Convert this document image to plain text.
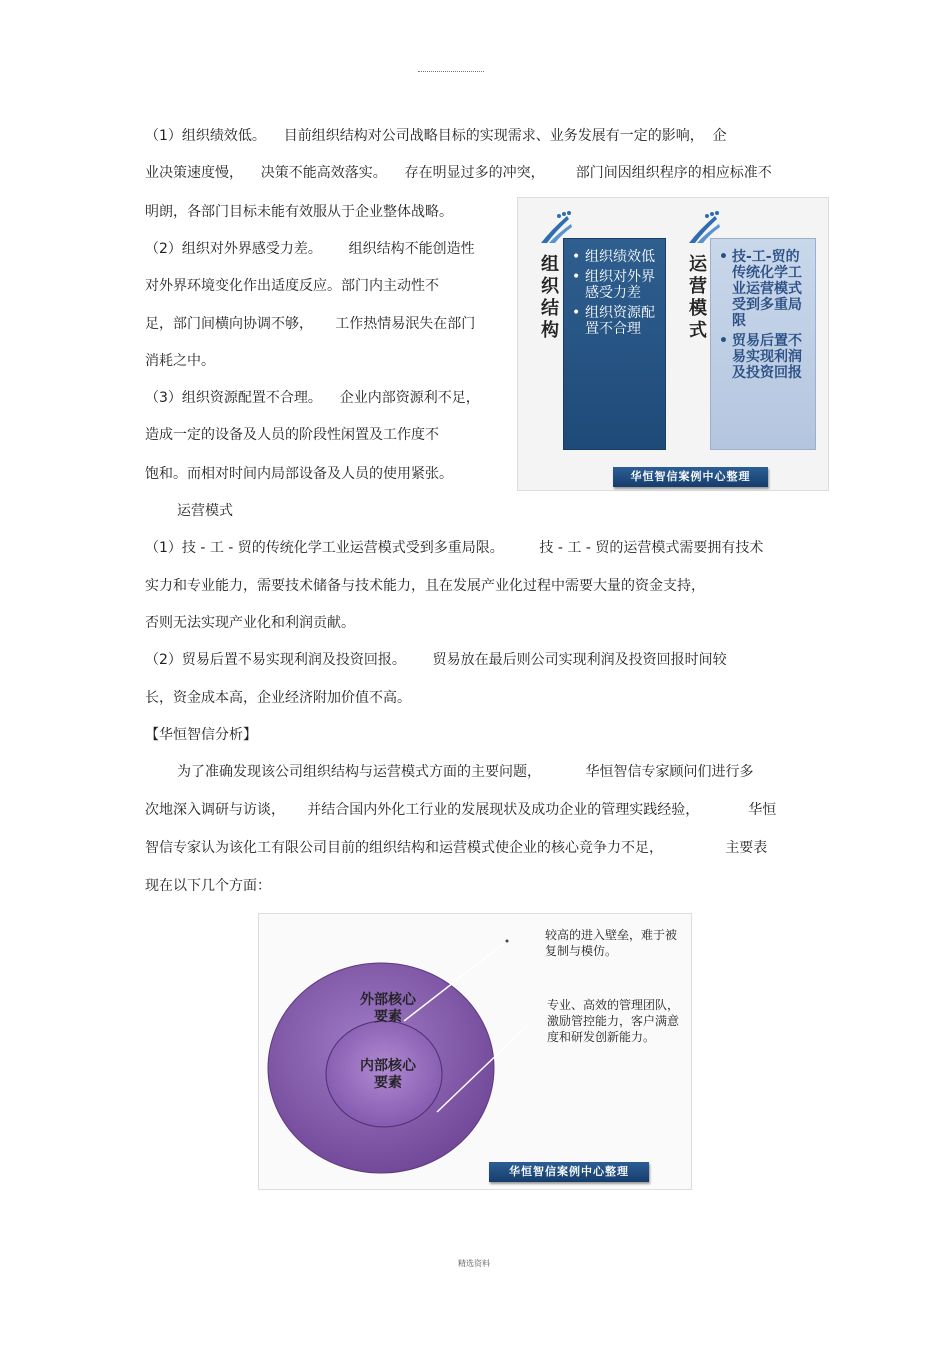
（1）组织绩效低。    目前组织结构对公司战略目标的实现需求、业务发展有一定的影响，  企
业决策速度慢，    决策不能高效落实。    存在明显过多的冲突，       部门间因组织程序的相应标准不
明朗，各部门目标未能有效服从于企业整体战略。
（2）组织对外界感受力差。      组织结构不能创造性
对外界环境变化作出适度反应。部门内主动性不
足，部门间横向协调不够，     工作热情易泯失在部门
消耗之中。
（3）组织资源配置不合理。    企业内部资源利不足，
造成一定的设备及人员的阶段性闲置及工作度不
饱和。而相对时间内局部设备及人员的使用紧张。
运营模式
（1）技 - 工 - 贸的传统化学工业运营模式受到多重局限。        技 - 工 - 贸的运营模式需要拥有技术
实力和专业能力，需要技术储备与技术能力，且在发展产业化过程中需要大量的资金支持，
否则无法实现产业化和利润贡献。
（2）贸易后置不易实现利润及投资回报。      贸易放在最后则公司实现利润及投资回报时间较
长，资金成本高，企业经济附加价值不高。
【华恒智信分析】
为了准确发现该公司组织结构与运营模式方面的主要问题，          华恒智信专家顾问们进行多
次地深入调研与访谈，     并结合国内外化工行业的发展现状及成功企业的管理实践经验，           华恒
智信专家认为该化工有限公司目前的组织结构和运营模式使企业的核心竞争力不足，              主要表
现在以下几个方面：
组织结构
运营模式
• 组织绩效低
• 组织对外界感受力差
• 组织资源配置不合理
• 技-工-贸的传统化学工业运营模式受到多重局限
• 贸易后置不易实现利润及投资回报
华恒智信案例中心整理
外部核心要素
内部核心要素
较高的进入壁垒，难于被复制与模仿。
专业、高效的管理团队，激励管控能力，客户满意度和研发创新能力。
华恒智信案例中心整理
精选资料
